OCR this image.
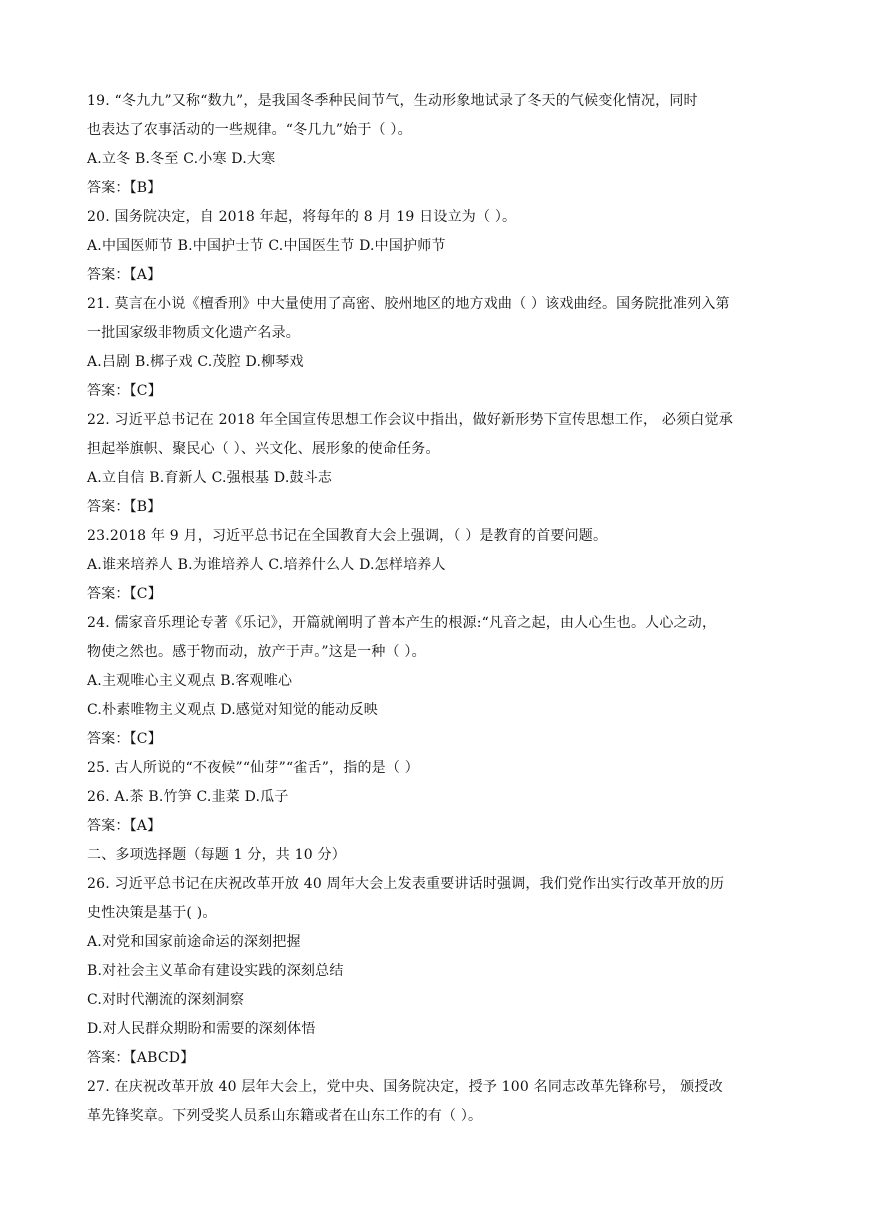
19. “冬九九”又称“数九”，是我国冬季种民间节气，生动形象地试录了冬天的气候变化情况，同时
也表达了农事活动的一些规律。“冬几九”始于（ ）。
A.立冬 B.冬至 C.小寒 D.大寒
答案：【B】
20. 国务院决定，自 2018 年起，将每年的 8 月 19 日设立为（ ）。
A.中国医师节 B.中国护士节 C.中国医生节 D.中国护师节
答案：【A】
21. 莫言在小说《檀香刑》中大量使用了高密、胶州地区的地方戏曲（ ）该戏曲经。国务院批准列入第
一批国家级非物质文化遗产名录。
A.吕剧 B.梆子戏 C.茂腔 D.柳琴戏
答案：【C】
22. 习近平总书记在 2018 年全国宣传思想工作会议中指出，做好新形势下宣传思想工作， 必须白觉承
担起举旗帜、聚民心（ ）、兴文化、展形象的使命任务。
A.立自信 B.育新人 C.强根基 D.鼓斗志
答案：【B】
23.2018 年 9 月，习近平总书记在全国教育大会上强调，（ ）是教育的首要问题。
A.谁来培养人 B.为谁培养人 C.培养什么人 D.怎样培养人
答案：【C】
24. 儒家音乐理论专著《乐记》，开篇就阐明了普本产生的根源:“凡音之起，由人心生也。人心之动，
物使之然也。感于物而动，放产于声。”这是一种（ ）。
A.主观唯心主义观点 B.客观唯心
C.朴素唯物主义观点 D.感觉对知觉的能动反映
答案：【C】
25. 古人所说的“不夜候”“仙芽”“雀舌”，指的是（ ）
26. A.茶 B.竹笋 C.韭菜 D.瓜子
答案：【A】
二、多项选择题（每题 1 分，共 10 分）
26. 习近平总书记在庆祝改革开放 40 周年大会上发表重要讲话时强调，我们党作出实行改革开放的历
史性决策是基于( )。
A.对党和国家前途命运的深刻把握
B.对社会主义革命有建设实践的深刻总结
C.对时代潮流的深刻洞察
D.对人民群众期盼和需要的深刻体悟
答案：【ABCD】
27. 在庆祝改革开放 40 层年大会上，党中央、国务院决定，授予 100 名同志改革先锋称号， 颁授改
革先锋奖章。下列受奖人员系山东籍或者在山东工作的有（ ）。
